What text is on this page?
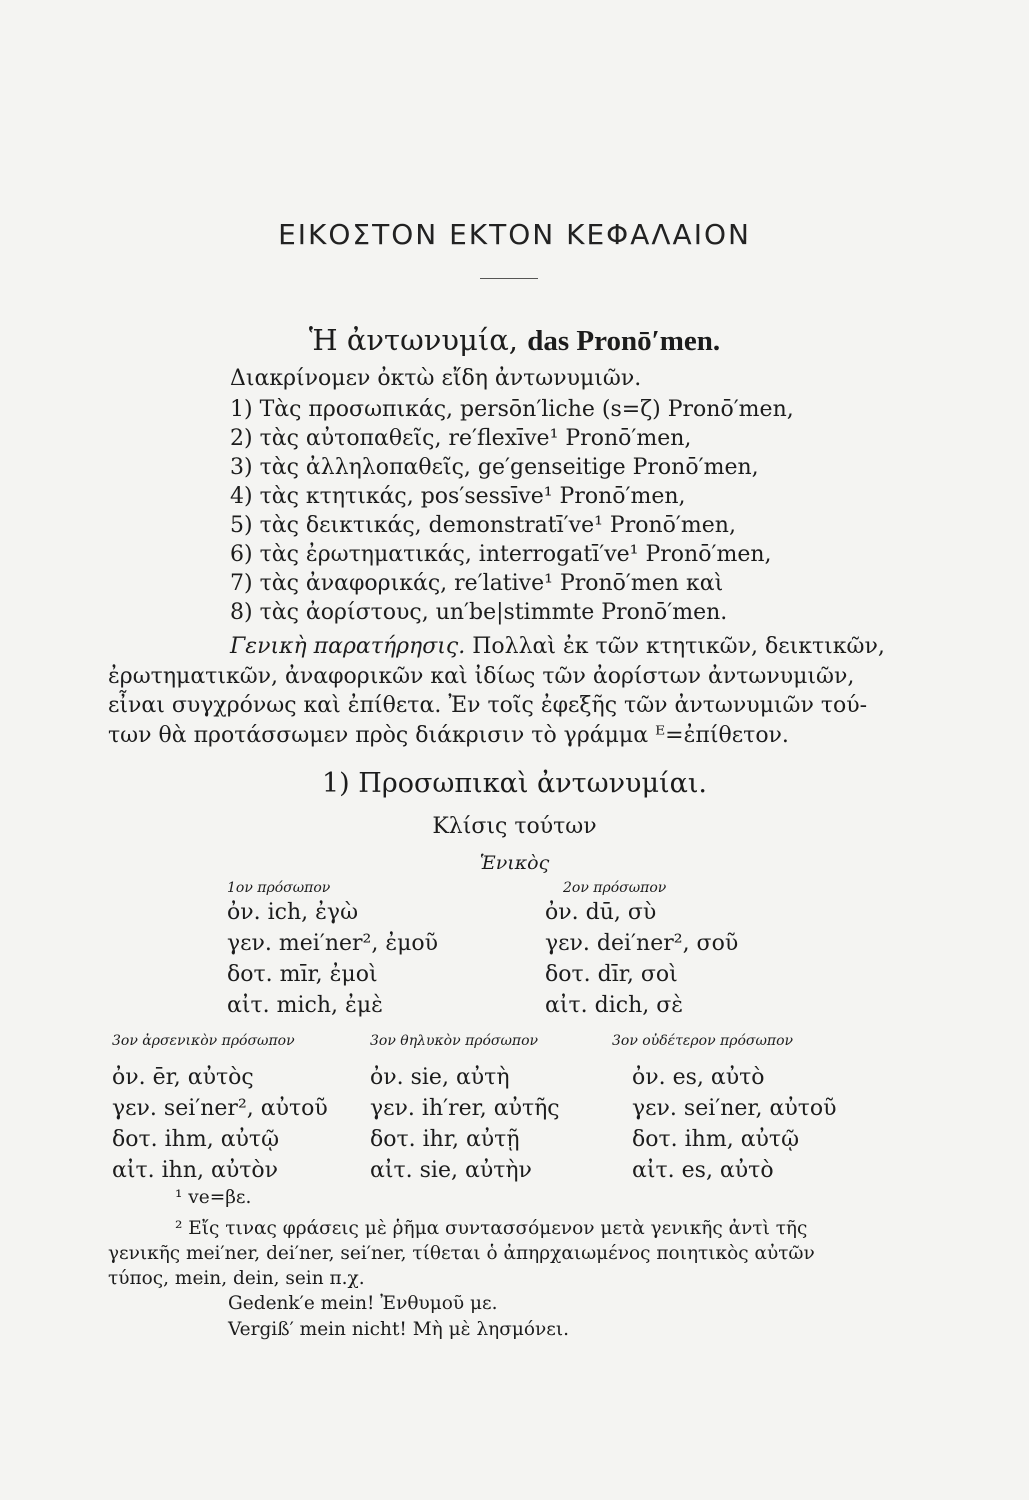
ΕΙΚΟΣΤΟΝ ΕΚΤΟΝ ΚΕΦΑΛΑΙΟΝ
Ἡ ἀντωνυμία, das Pronō′men.
Διακρίνομεν ὀκτὼ εἴδη ἀντωνυμιῶν.
1) Τὰς προσωπικάς, persōn′liche (s=ζ) Pronō′men,
2) τὰς αὐτοπαθεῖς, re′flexīve¹ Pronō′men,
3) τὰς ἀλληλοπαθεῖς, ge′genseitige Pronō′men,
4) τὰς κτητικάς, pos′sessīve¹ Pronō′men,
5) τὰς δεικτικάς, demonstratī′ve¹ Pronō′men,
6) τὰς ἐρωτηματικάς, interrogatī′ve¹ Pronō′men,
7) τὰς ἀναφορικάς, re′lative¹ Pronō′men καὶ
8) τὰς ἀορίστους, un′be|stimmte Pronō′men.
Γενικὴ παρατήρησις. Πολλαὶ ἐκ τῶν κτητικῶν, δεικτικῶν,
ἐρωτηματικῶν, ἀναφορικῶν καὶ ἰδίως τῶν ἀορίστων ἀντωνυμιῶν,
εἶναι συγχρόνως καὶ ἐπίθετα. Ἐν τοῖς ἐφεξῆς τῶν ἀντωνυμιῶν τού-
των θὰ προτάσσωμεν πρὸς διάκρισιν τὸ γράμμα ᴱ=ἐπίθετον.
1) Προσωπικαὶ ἀντωνυμίαι.
Κλίσις τούτων
Ἑνικὸς
1ον πρόσωπον
ὀν. ich, ἐγὼ
γεν. mei′ner², ἐμοῦ
δοτ. mīr, ἐμοὶ
αἰτ. mich, ἐμὲ
2ον πρόσωπον
ὀν. dū, σὺ
γεν. dei′ner², σοῦ
δοτ. dīr, σοὶ
αἰτ. dich, σὲ
3ον ἀρσενικὸν πρόσωπον
ὀν. ēr, αὐτὸς
γεν. sei′ner², αὐτοῦ
δοτ. ihm, αὐτῷ
αἰτ. ihn, αὐτὸν
3ον θηλυκὸν πρόσωπον
ὀν. sie, αὐτὴ
γεν. ih′rer, αὐτῆς
δοτ. ihr, αὐτῇ
αἰτ. sie, αὐτὴν
3ον οὐδέτερον πρόσωπον
ὀν. es, αὐτὸ
γεν. sei′ner, αὐτοῦ
δοτ. ihm, αὐτῷ
αἰτ. es, αὐτὸ
¹ ve=βε.
² Εἴς τινας φράσεις μὲ ῥῆμα συντασσόμενον μετὰ γενικῆς ἀντὶ τῆς
γενικῆς mei′ner, dei′ner, sei′ner, τίθεται ὁ ἀπηρχαιωμένος ποιητικὸς αὐτῶν
τύπος, mein, dein, sein π.χ.
Gedenk′e mein! Ἐνθυμοῦ με.
Vergiß′ mein nicht! Μὴ μὲ λησμόνει.
